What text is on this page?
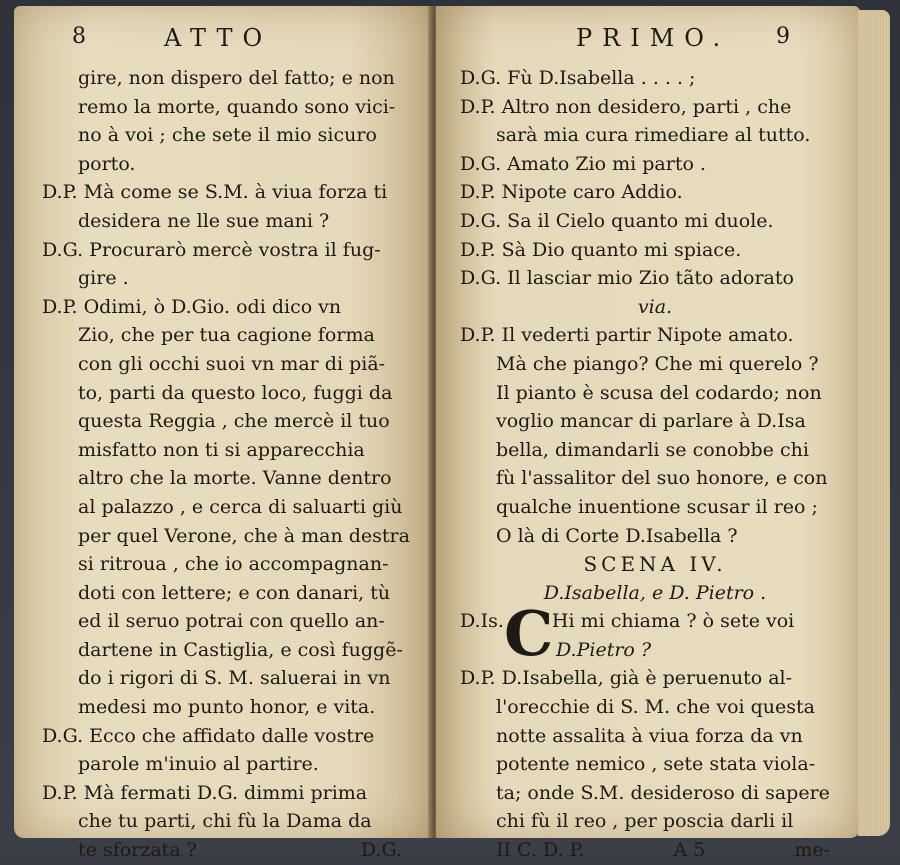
8	ATTO
gire, non dispero del fatto; e non
remo la morte, quando sono vici-
no à voi ; che sete il mio sicuro
porto.
D.P. Mà come se S.M. à viua forza ti
desidera ne lle sue mani ?
D.G. Procurarò mercè vostra il fug-
gire .
D.P. Odimi, ò D.Gio. odi dico vn
Zio, che per tua cagione forma
con gli occhi suoi vn mar di piã-
to, parti da questo loco, fuggi da
questa Reggia , che mercè il tuo
misfatto non ti si apparecchia
altro che la morte. Vanne dentro
al palazzo , e cerca di saluarti giù
per quel Verone, che à man destra
si ritroua , che io accompagnan-
doti con lettere; e con danari, tù
ed il seruo potrai con quello an-
dartene in Castiglia, e così fuggẽ-
do i rigori di S. M. saluerai in vn
medesi mo punto honor, e vita.
D.G. Ecco che affidato dalle vostre
parole m'inuio al partire.
D.P. Mà fermati D.G. dimmi prima
che tu parti, chi fù la Dama da
te sforzata ?	D.G.
PRIMO. 9
D.G. Fù D.Isabella . . . . ;
D.P. Altro non desidero, parti , che
sarà mia cura rimediare al tutto.
D.G. Amato Zio mi parto .
D.P. Nipote caro Addio.
D.G. Sa il Cielo quanto mi duole.
D.P. Sà Dio quanto mi spiace.
D.G. Il lasciar mio Zio tãto adorato
via.
D.P. Il vederti partir Nipote amato.
Mà che piango? Che mi querelo ?
Il pianto è scusa del codardo; non
voglio mancar di parlare à D.Isa
bella, dimandarli se conobbe chi
fù l'assalitor del suo honore, e con
qualche inuentione scusar il reo ;
O là di Corte D.Isabella ?
SCENA IV.
D.Isabella, e D. Pietro .
D.Is. C
Hi mi chiama ? ò sete voi
D.Pietro ?
D.P. D.Isabella, già è peruenuto al-
l'orecchie di S. M. che voi questa
notte assalita à viua forza da vn
potente nemico , sete stata viola-
ta; onde S.M. desideroso di sapere
chi fù il reo , per poscia darli il
II C. D. P.	A 5	me-
